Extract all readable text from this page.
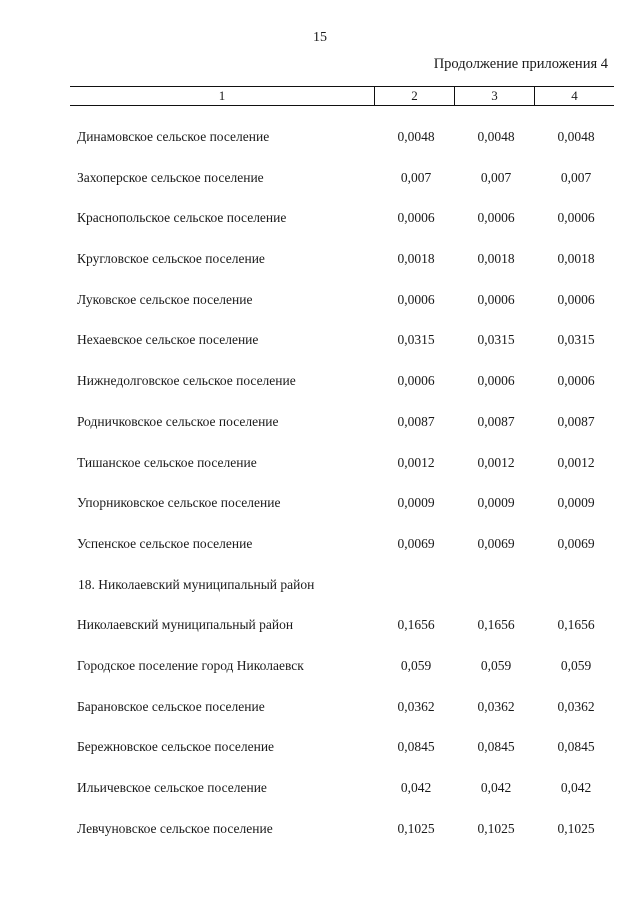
15
Продолжение приложения 4
1	2	3	4
Динамовское сельское поселение	0,0048	0,0048	0,0048
Захоперское сельское поселение	0,007	0,007	0,007
Краснопольское сельское поселение	0,0006	0,0006	0,0006
Кругловское сельское поселение	0,0018	0,0018	0,0018
Луковское сельское поселение	0,0006	0,0006	0,0006
Нехаевское сельское поселение	0,0315	0,0315	0,0315
Нижнедолговское сельское поселение	0,0006	0,0006	0,0006
Родничковское сельское поселение	0,0087	0,0087	0,0087
Тишанское сельское поселение	0,0012	0,0012	0,0012
Упорниковское сельское поселение	0,0009	0,0009	0,0009
Успенское сельское поселение	0,0069	0,0069	0,0069
18. Николаевский муниципальный район
Николаевский муниципальный район	0,1656	0,1656	0,1656
Городское поселение город Николаевск	0,059	0,059	0,059
Барановское сельское поселение	0,0362	0,0362	0,0362
Бережновское сельское поселение	0,0845	0,0845	0,0845
Ильичевское сельское поселение	0,042	0,042	0,042
Левчуновское сельское поселение	0,1025	0,1025	0,1025
